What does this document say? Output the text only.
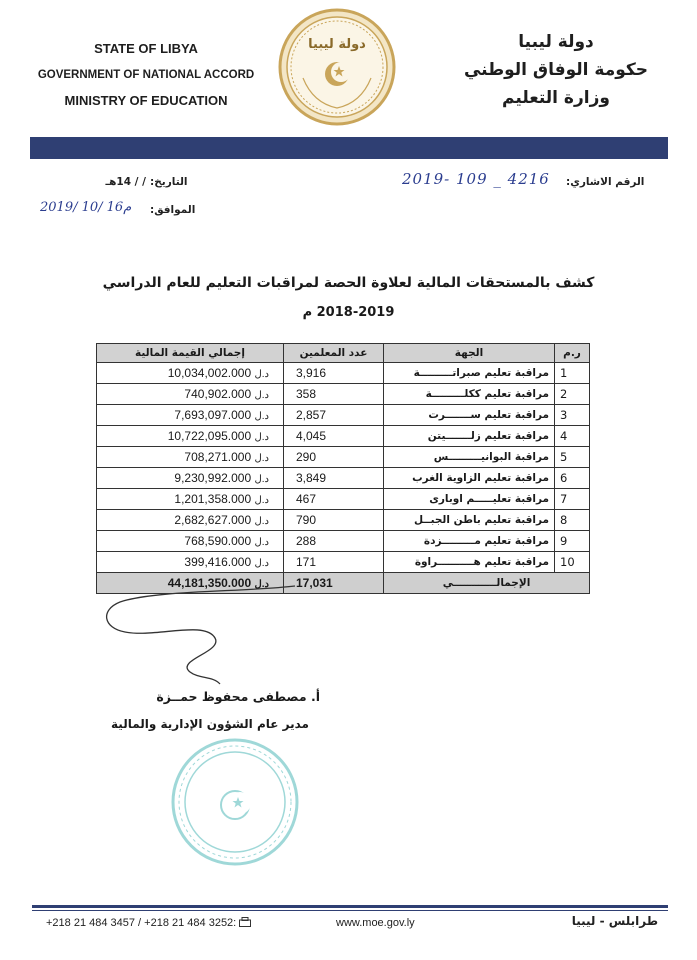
STATE OF LIBYA
GOVERNMENT OF NATIONAL ACCORD
MINISTRY OF EDUCATION
دولة ليبيا	دولة ليبيا
حكومة الوفاق الوطني
وزارة التعليم
الرقم الاشاري:
2019- 109 _ 4216
التاريخ:
/ / 14هـ
الموافق:
2019/ 10/ 16م
كشف بالمستحقات المالية لعلاوة الحصة لمراقبات التعليم للعام الدراسي
2018-2019 م
ر.م	الجهة	عدد المعلمين	إجمالي القيمة المالية
1	مراقبة تعليم صبراتـــــــــة	3,916	10,034,002.000 د.ل
2	مراقبة تعليم ككلـــــــــة	358	740,902.000 د.ل
3	مراقبة تعليم ســـــــرت	2,857	7,693,097.000 د.ل
4	مراقبة تعليم زلـــــــيتن	4,045	10,722,095.000 د.ل
5	مراقبة البوانيـــــــــس	290	708,271.000 د.ل
6	مراقبة تعليم الزاوية الغرب	3,849	9,230,992.000 د.ل
7	مراقبة تعليـــــم اوبارى	467	1,201,358.000 د.ل
8	مراقبة تعليم باطن الجبــل	790	2,682,627.000 د.ل
9	مراقبة تعليم مـــــــــزدة	288	768,590.000 د.ل
10	مراقبة تعليم هــــــــــراوة	171	399,416.000 د.ل
الإجمالــــــــــــي		17,031	44,181,350.000 د.ل
أ. مصطفى محفوظ حمــزة
مدير عام الشؤون الإدارية والمالية
+218 21 484 3457 / +218 21 484 3252:	www.moe.gov.ly	طرابلس - ليبيا
